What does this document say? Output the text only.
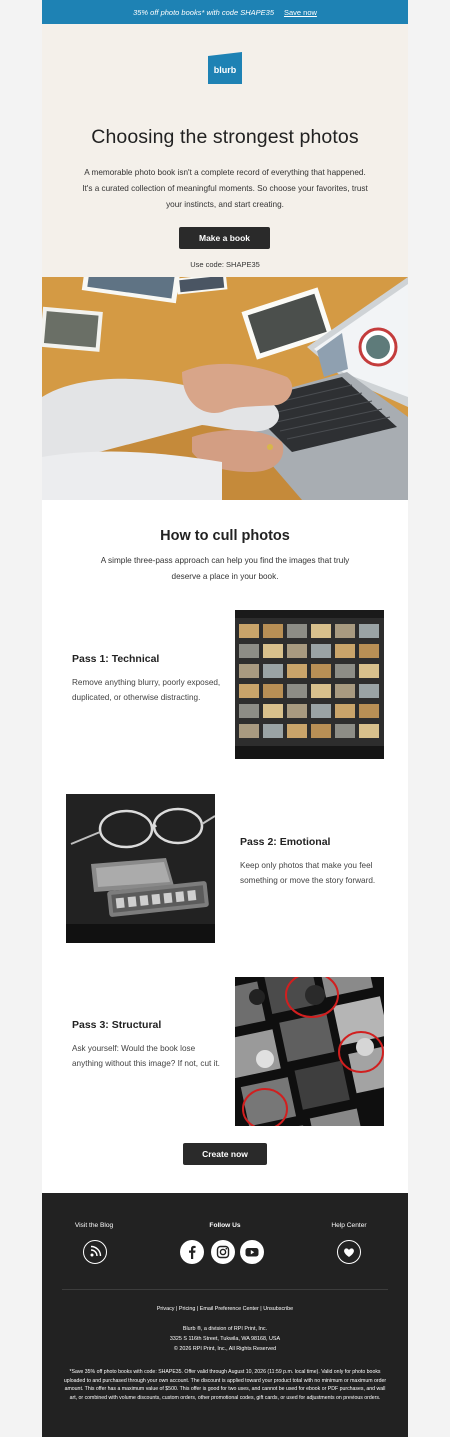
35% off photo books* with code SHAPE35 Save now
blurb
Choosing the strongest photos

A memorable photo book isn't a complete record of everything that happened. It's a curated collection of meaningful moments. So choose your favorites, trust your instincts, and start creating.

Make a book
Use code: SHAPE35
How to cull photos

A simple three-pass approach can help you find the images that truly deserve a place in your book.

Pass 1: Technical

Remove anything blurry, poorly exposed, duplicated, or otherwise distracting.

Pass 2: Emotional

Keep only photos that make you feel something or move the story forward.

Pass 3: Structural

Ask yourself: Would the book lose anything without this image? If not, cut it.

Create now
Visit the Blog	Follow Us	Help Center
Privacy | Pricing | Email Preference Center | Unsubscribe
Blurb ®, a division of RPI Print, Inc.
3325 S 116th Street, Tukwila, WA 98168, USA
© 2026 RPI Print, Inc., All Rights Reserved
*Save 35% off photo books with code: SHAPE35. Offer valid through August 10, 2026 (11:59 p.m. local time). Valid only for photo books uploaded to and purchased through your own account. The discount is applied toward your product total with no minimum or maximum order amount. This offer has a maximum value of $500. This offer is good for two uses, and cannot be used for ebook or PDF purchases, and wall art, or combined with volume discounts, custom orders, other promotional codes, gift cards, or used for adjustments on previous orders.
